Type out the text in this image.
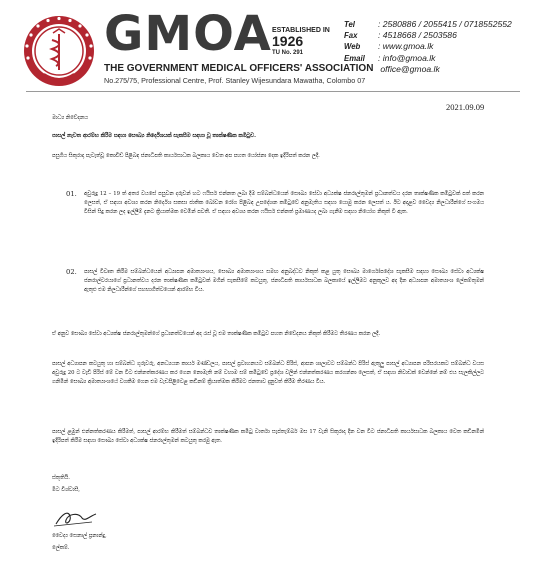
GMOA ESTABLISHED IN
1926
TU No. 291
THE GOVERNMENT MEDICAL OFFICERS' ASSOCIATION
No.275/75, Professional Centre, Prof. Stanley Wijesundara Mawatha, Colombo 07
Tel	: 2580886 / 2055415 / 0718552552
Fax : 4518668 / 2503586
Web : www.gmoa.lk
Email : info@gmoa.lk
office@gmoa.lk
2021.09.09

මාධ්‍ය නිවේදනය

පාසල් නැවත ආරම්භ කිරීම සඳහා සෞඛ්‍ය නිර්දේශයක් සැකසීම සඳහා වූ තාක්ෂණික කමිටුව.

පසුගිය සිකුරාදා පැවැත්වූ කොවිඩ් පිළිබඳ ජනාධිපති කාර්යසාධක බලකාය වෙත අප පහත යෝජනා දෙක ඉදිරිපත් කරන ලදී.

01. අවුරුදු 12 – 19 ත් අතර වයසේ පසුවන දරුවන් හට ෆයිසර් එන්නත ලබා දීම සම්බන්ධයෙන් සෞඛ්‍ය සේවා අධ්‍යක්ෂ ජනරාල්තුමන් ප්‍රධානත්වය දරන තාක්ෂණික කමිටුවක් පත් කරන ලෙසත්, ඒ සඳහා අවශ්‍ය කරන නිර්දේශ සකසා ජාතික බෝවන රෝග පිළිබඳ උපදේශන කමිටුවේ අනුමැතිය සඳහා යොමු කරන ලෙසත් ය. ඊට අදාළව වෛද්‍ය නිලධාරීන්ගේ සංගමය විසින් සිදු කරන ලද ඉල්ලීම් දැනට ක්‍රියාත්මක වෙමින් පවතී. ඒ සඳහා අවශ්‍ය කරන ෆයිසර් එන්නත් ප්‍රමාණයද ලබා ගැනීම සඳහා නියෝග නිකුත් වී ඇත.

02. පාසල් විවෘත කිරීම සම්බන්ධයෙන් අධ්‍යාපන අමාත්‍යාංශය, සෞඛ්‍ය අමාත්‍යාංශය සමඟ අනුබද්ධව නිකුත් කළ යුතු සෞඛ්‍ය මාර්ගෝපදේශ සැකසීම සඳහා සෞඛ්‍ය සේවා අධ්‍යක්ෂ ජනරාල්වරයාගේ ප්‍රධානත්වය දරන තාක්ෂණික කමිටුවක් මගින් සැකසීමේ කටයුතු, ජනාධිපති කාර්යසාධක බලකායේ ඉල්ලීමට අනුකූලව අද දින අධ්‍යාපන අමාත්‍යාංශ ලේකම්තුමන් ඇතුළු එම නිලධාරීන්ගේ සහභාගීත්වයෙන් ආරම්භ විය.

ඒ අනුව සෞඛ්‍ය සේවා අධ්‍යක්ෂ ජනරාල්තුමන්ගේ ප්‍රධානත්වයෙන් අද රැස් වූ එම තාක්ෂණික කමිටුව පහත නිවේදනය නිකුත් කිරීමට තීරණය කරන ලදී.

පාසල් අධ්‍යාපන කටයුතු හා සම්බන්ධ ගුරුවරු, අනධ්‍යයන කාර්ය මණ්ඩලය, පාසල් ප්‍රවාහනයට සම්බන්ධ පිරිස්, ආපන ශාලාවට සම්බන්ධ පිරිස් ඇතුලු පාසල් අධ්‍යාපන පරිසරයකට සම්බන්ධ වයස අවුරුදු 20 ට වැඩි පිරිස් මේ වන විට එන්නත්කරණය කර ගෙන නොමැති නම් වහාම සම් කමිටුවේ ප්‍රදේශ වලින් එන්නත්කරණය කරගන්නා ලෙසත්, ඒ සඳහා නිවාඩක් වෙන්නේ නම් එය සැලකිල්ලට ගනිමින් සෞඛ්‍ය අමාත්‍යාංශයේ වගකීම ගෙන එම වැඩපිළිවෙළ කඩිනම් ක්‍රියාත්මක කිරීමට ජනතාව දැනුවත් කිරීම තීරණය විය.

පාසල් ළමුන් එන්නත්කරණය කිරීමත්, පාසල් ආරම්භ කිරීමත් සම්බන්ධව තාක්ෂණික කමිටු වාර්තා සැප්තැම්බර් මස 17 වැනි සිකුරාදා දින වන විට ජනාධිපති කාර්යසාධක බලකාය වෙත කඩිනමින් ඉදිරිපත් කිරීම සඳහා සෞඛ්‍ය සේවා අධ්‍යක්ෂ ජනරාල්තුමන් කටයුතු කරමු ඇත.

ස්තුතියි.

මීට විශ්වාසී,

වෛද්‍ය සෙනාල් ප්‍රනාන්දු,

ලේකම්.
